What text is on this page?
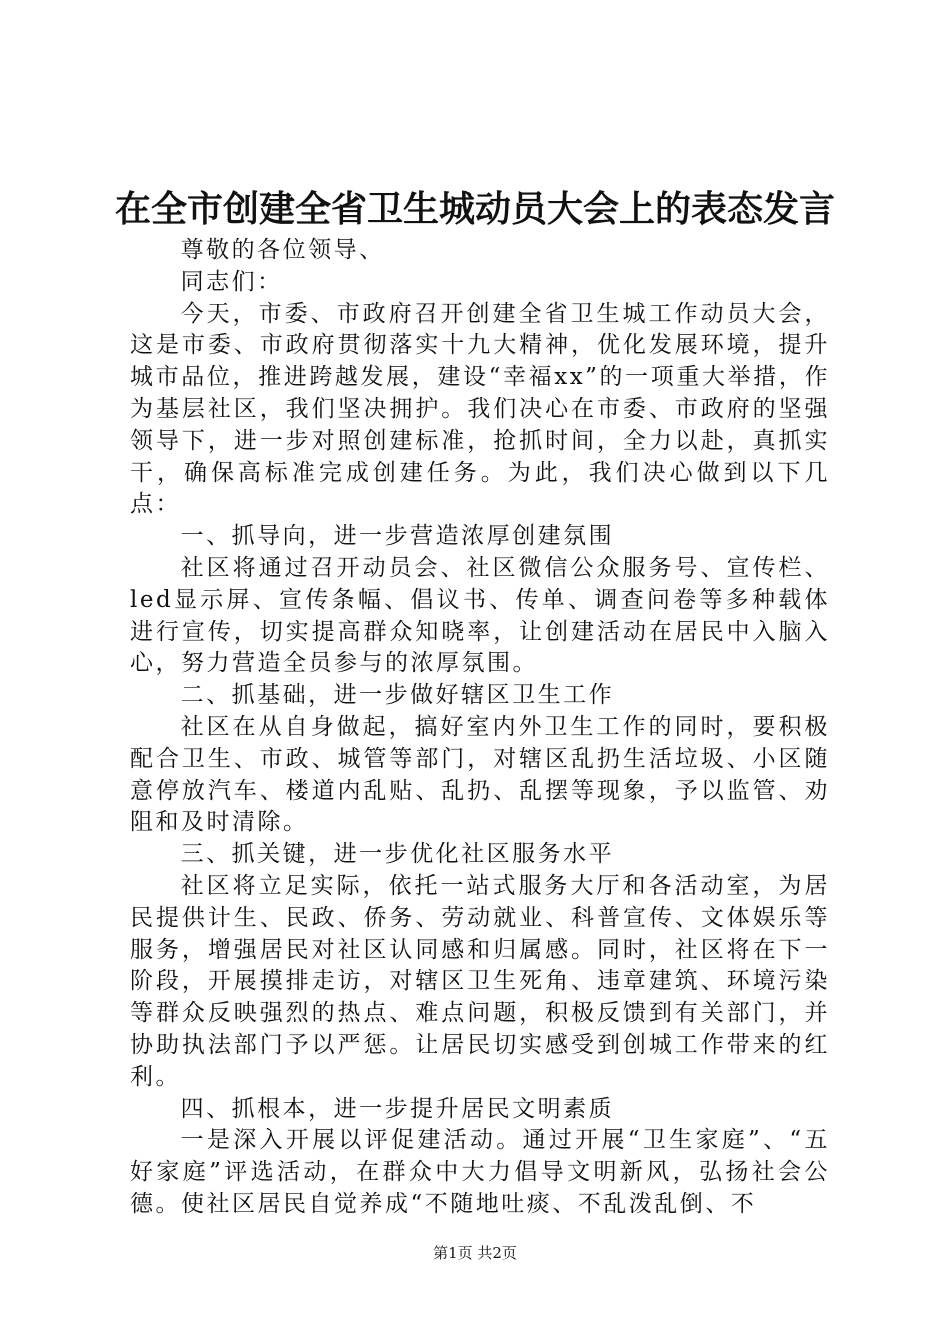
在全市创建全省卫生城动员大会上的表态发言

尊敬的各位领导、

同志们：

今天，市委、市政府召开创建全省卫生城工作动员大会，这是市委、市政府贯彻落实十九大精神，优化发展环境，提升城市品位，推进跨越发展，建设“幸福xx”的一项重大举措，作为基层社区，我们坚决拥护。我们决心在市委、市政府的坚强领导下，进一步对照创建标准，抢抓时间，全力以赴，真抓实干，确保高标准完成创建任务。为此，我们决心做到以下几点：

一、抓导向，进一步营造浓厚创建氛围

社区将通过召开动员会、社区微信公众服务号、宣传栏、led显示屏、宣传条幅、倡议书、传单、调查问卷等多种载体进行宣传，切实提高群众知晓率，让创建活动在居民中入脑入心，努力营造全员参与的浓厚氛围。

二、抓基础，进一步做好辖区卫生工作

社区在从自身做起，搞好室内外卫生工作的同时，要积极配合卫生、市政、城管等部门，对辖区乱扔生活垃圾、小区随意停放汽车、楼道内乱贴、乱扔、乱摆等现象，予以监管、劝阻和及时清除。

三、抓关键，进一步优化社区服务水平

社区将立足实际，依托一站式服务大厅和各活动室，为居民提供计生、民政、侨务、劳动就业、科普宣传、文体娱乐等服务，增强居民对社区认同感和归属感。同时，社区将在下一阶段，开展摸排走访，对辖区卫生死角、违章建筑、环境污染等群众反映强烈的热点、难点问题，积极反馈到有关部门，并协助执法部门予以严惩。让居民切实感受到创城工作带来的红利。

四、抓根本，进一步提升居民文明素质

一是深入开展以评促建活动。通过开展“卫生家庭”、“五好家庭”评选活动，在群众中大力倡导文明新风，弘扬社会公德。使社区居民自觉养成“不随地吐痰、不乱泼乱倒、不

第1页 共2页
